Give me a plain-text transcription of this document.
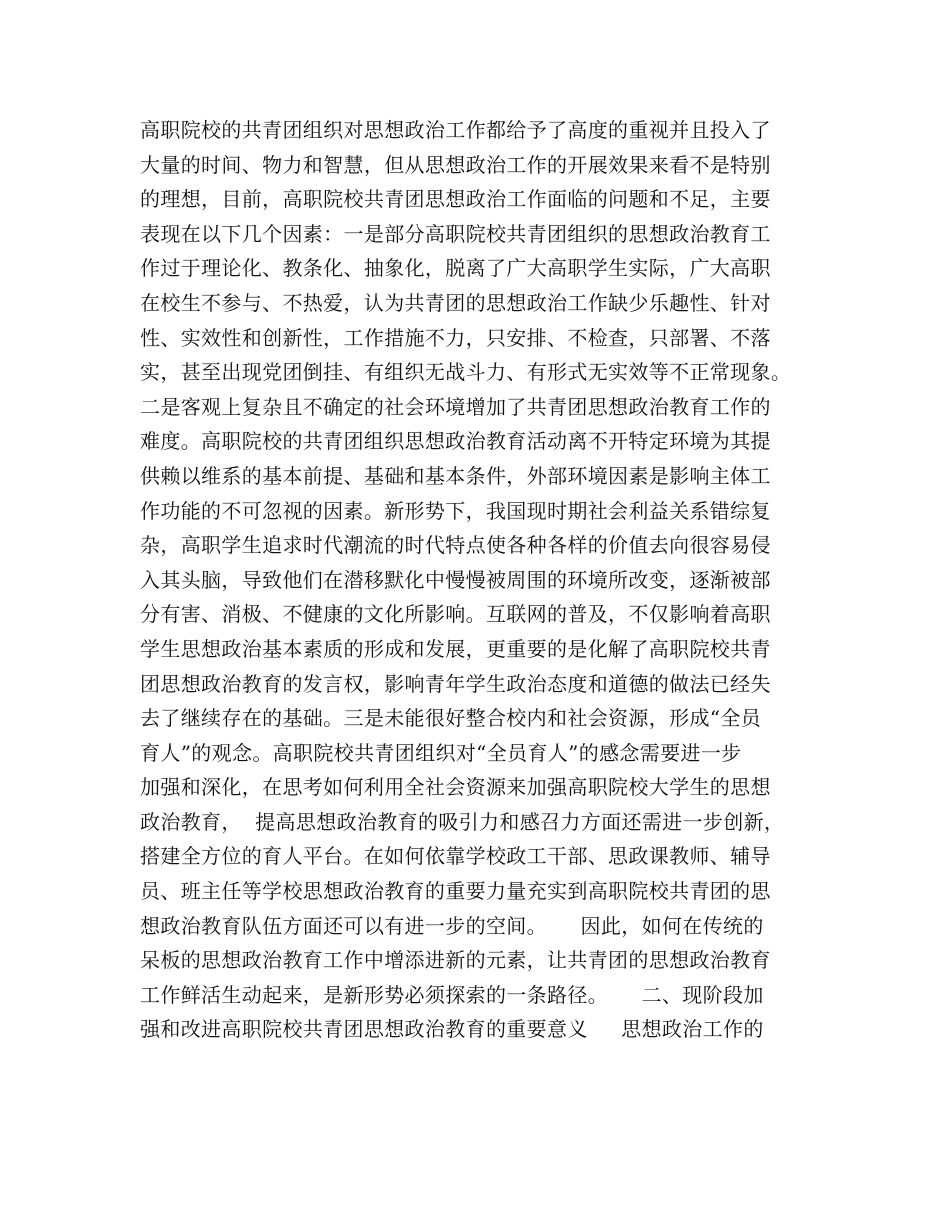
高职院校的共青团组织对思想政治工作都给予了高度的重视并且投入了
大量的时间、物力和智慧，但从思想政治工作的开展效果来看不是特别
的理想，目前，高职院校共青团思想政治工作面临的问题和不足，主要
表现在以下几个因素：一是部分高职院校共青团组织的思想政治教育工
作过于理论化、教条化、抽象化，脱离了广大高职学生实际，广大高职
在校生不参与、不热爱，认为共青团的思想政治工作缺少乐趣性、针对
性、实效性和创新性，工作措施不力，只安排、不检查，只部署、不落
实，甚至出现党团倒挂、有组织无战斗力、有形式无实效等不正常现象。
二是客观上复杂且不确定的社会环境增加了共青团思想政治教育工作的
难度。高职院校的共青团组织思想政治教育活动离不开特定环境为其提
供赖以维系的基本前提、基础和基本条件，外部环境因素是影响主体工
作功能的不可忽视的因素。新形势下，我国现时期社会利益关系错综复
杂，高职学生追求时代潮流的时代特点使各种各样的价值去向很容易侵
入其头脑，导致他们在潜移默化中慢慢被周围的环境所改变，逐渐被部
分有害、消极、不健康的文化所影响。互联网的普及，不仅影响着高职
学生思想政治基本素质的形成和发展，更重要的是化解了高职院校共青
团思想政治教育的发言权，影响青年学生政治态度和道德的做法已经失
去了继续存在的基础。三是未能很好整合校内和社会资源，形成“全员
育人”的观念。高职院校共青团组织对“全员育人”的感念需要进一步
加强和深化，在思考如何利用全社会资源来加强高职院校大学生的思想
政治教育，  提高思想政治教育的吸引力和感召力方面还需进一步创新，
搭建全方位的育人平台。在如何依靠学校政工干部、思政课教师、辅导
员、班主任等学校思想政治教育的重要力量充实到高职院校共青团的思
想政治教育队伍方面还可以有进一步的空间。     因此，如何在传统的
呆板的思想政治教育工作中增添进新的元素，让共青团的思想政治教育
工作鲜活生动起来，是新形势必须探索的一条路径。     二、现阶段加
强和改进高职院校共青团思想政治教育的重要意义     思想政治工作的
